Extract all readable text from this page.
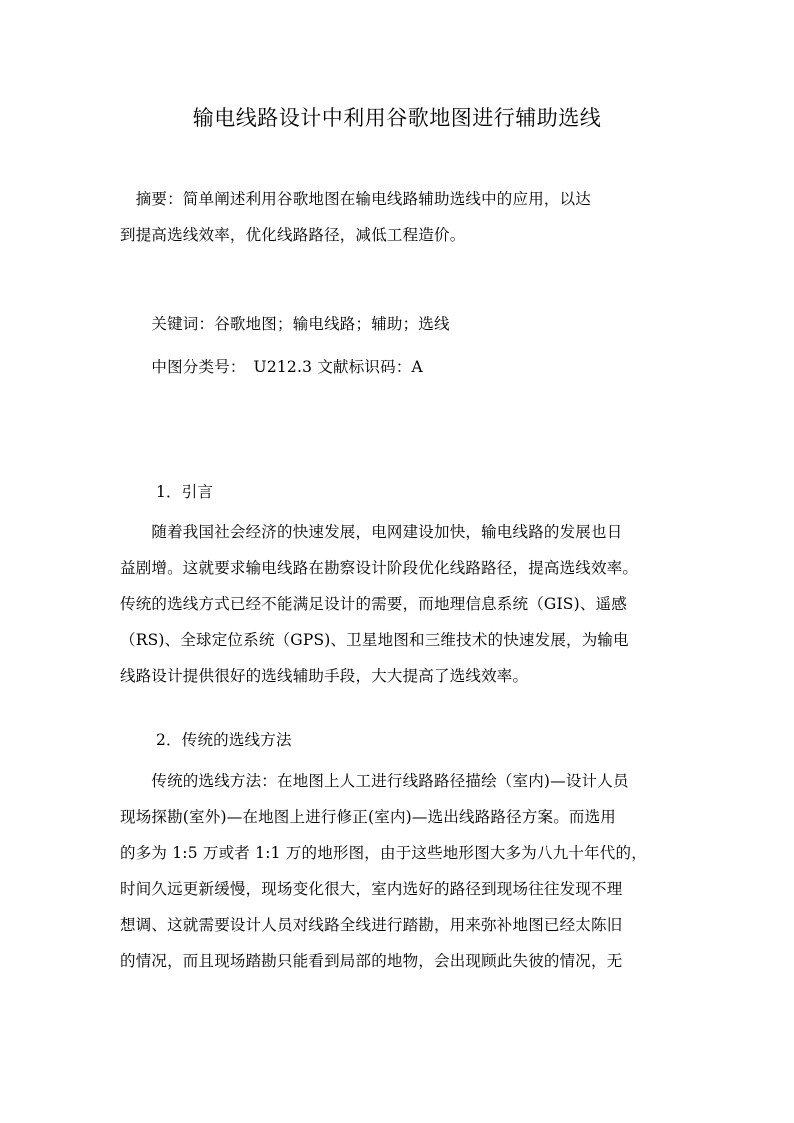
输电线路设计中利用谷歌地图进行辅助选线
　摘要：简单阐述利用谷歌地图在输电线路辅助选线中的应用，以达
到提高选线效率，优化线路路径，减低工程造价。
　　关键词：谷歌地图；输电线路；辅助；选线
　　中图分类号：　U212.3 文献标识码：A
1．引言
　　随着我国社会经济的快速发展，电网建设加快，输电线路的发展也日
益剧增。这就要求输电线路在勘察设计阶段优化线路路径，提高选线效率。
传统的选线方式已经不能满足设计的需要，而地理信息系统（GIS)、遥感
（RS)、全球定位系统（GPS)、卫星地图和三维技术的快速发展，为输电
线路设计提供很好的选线辅助手段，大大提高了选线效率。
2．传统的选线方法
　　传统的选线方法：在地图上人工进行线路路径描绘（室内)—设计人员
现场探勘(室外)—在地图上进行修正(室内)—选出线路路径方案。而选用
的多为 1:5 万或者 1:1 万的地形图，由于这些地形图大多为八九十年代的，
时间久远更新缓慢，现场变化很大，室内选好的路径到现场往往发现不理
想调、这就需要设计人员对线路全线进行踏勘，用来弥补地图已经太陈旧
的情况，而且现场踏勘只能看到局部的地物，会出现顾此失彼的情况，无
